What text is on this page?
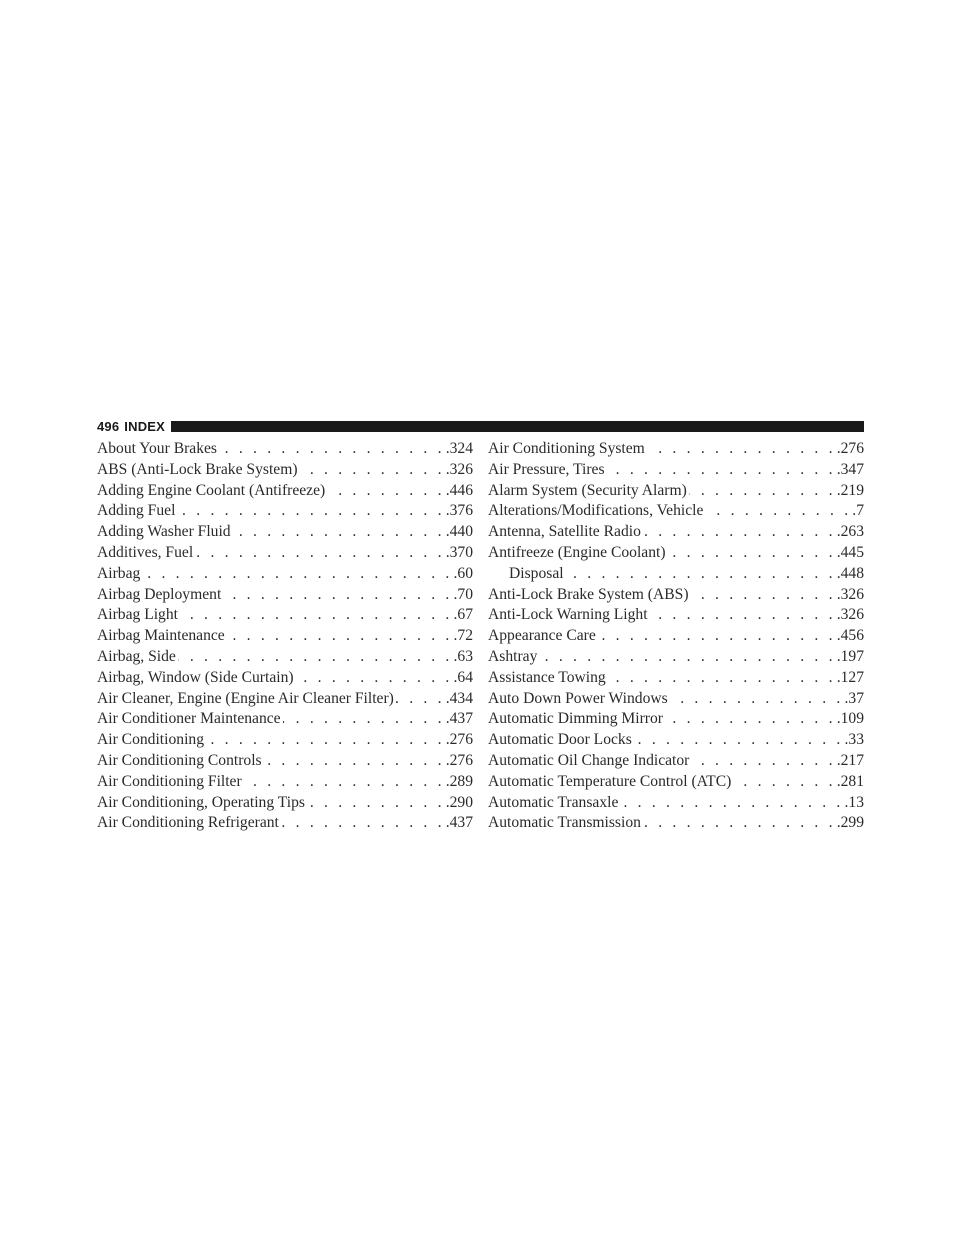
496 INDEX
About Your Brakes . . .	.324
ABS (Anti-Lock Brake System) . . .	.326
Adding Engine Coolant (Antifreeze) . . .	.446
Adding Fuel . . .	.376
Adding Washer Fluid . . .	.440
Additives, Fuel . . .	.370
Airbag . . .	.60
Airbag Deployment . . .	.70
Airbag Light . . .	.67
Airbag Maintenance . . .	.72
Airbag, Side . . .	.63
Airbag, Window (Side Curtain) . . .	.64
Air Cleaner, Engine (Engine Air Cleaner Filter) . . .	.434
Air Conditioner Maintenance . . .	.437
Air Conditioning . . .	.276
Air Conditioning Controls . . .	.276
Air Conditioning Filter . . .	.289
Air Conditioning, Operating Tips . . .	.290
Air Conditioning Refrigerant . . .	.437
Air Conditioning System . . .	.276
Air Pressure, Tires . . .	.347
Alarm System (Security Alarm) . . .	.219
Alterations/Modifications, Vehicle . . .	.7
Antenna, Satellite Radio . . .	.263
Antifreeze (Engine Coolant) . . .	.445
Disposal . . .	.448
Anti-Lock Brake System (ABS) . . .	.326
Anti-Lock Warning Light . . .	.326
Appearance Care . . .	.456
Ashtray . . .	.197
Assistance Towing . . .	.127
Auto Down Power Windows . . .	.37
Automatic Dimming Mirror . . .	.109
Automatic Door Locks . . .	.33
Automatic Oil Change Indicator . . .	.217
Automatic Temperature Control (ATC) . . .	.281
Automatic Transaxle . . .	.13
Automatic Transmission . . .	.299
